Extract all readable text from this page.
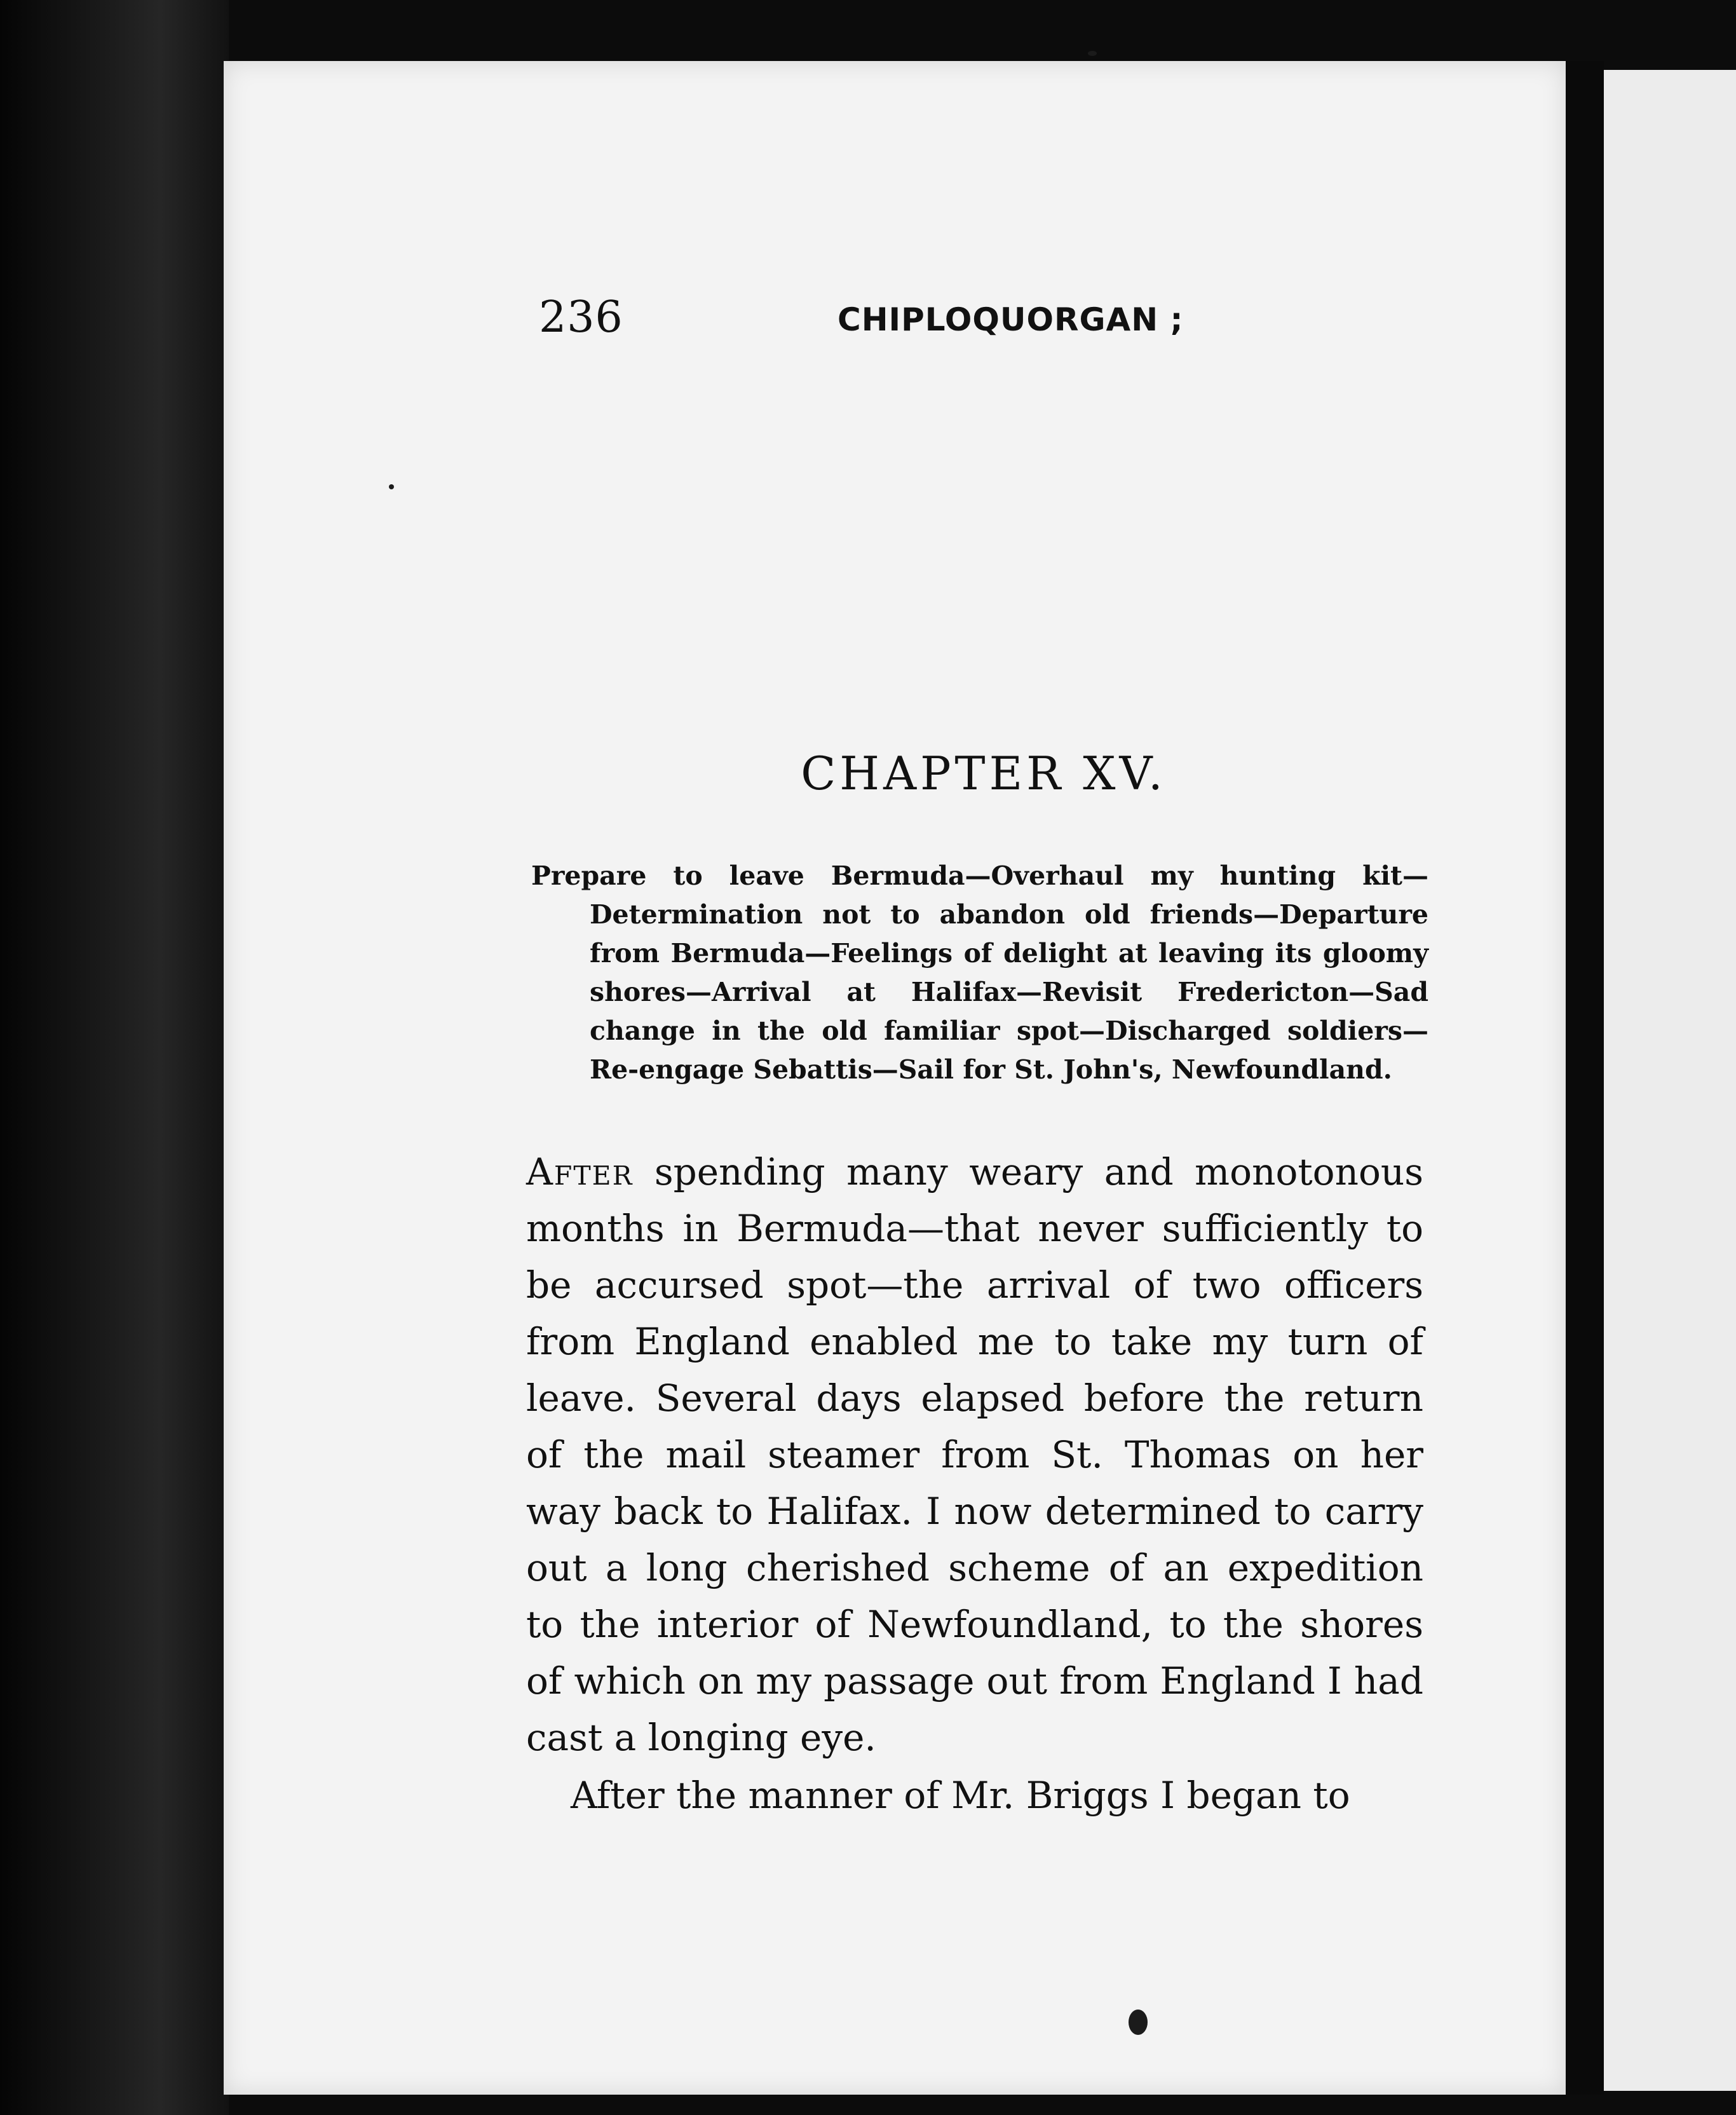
236	CHIPLOQUORGAN ;
CHAPTER XV.
Prepare to leave Bermuda—Overhaul my hunting kit—Determination not to abandon old friends—Departure from Bermuda—Feelings of delight at leaving its gloomy shores—Arrival at Halifax—Revisit Fredericton—Sad change in the old familiar spot—Discharged soldiers—Re-engage Sebattis—Sail for St. John's, Newfoundland.

After spending many weary and monotonous months in Bermuda—that never sufficiently to be accursed spot—the arrival of two officers from England enabled me to take my turn of leave. Several days elapsed before the return of the mail steamer from St. Thomas on her way back to Halifax. I now determined to carry out a long cherished scheme of an expedition to the interior of Newfoundland, to the shores of which on my passage out from England I had cast a longing eye.

After the manner of Mr. Briggs I began to
